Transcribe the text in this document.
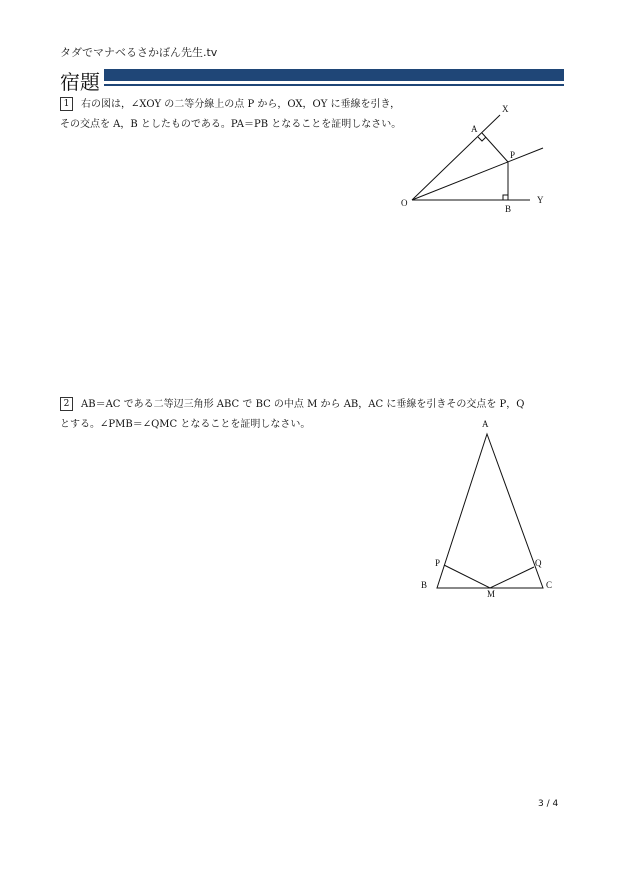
タダでマナベるさかぼん先生.tv
宿題
1 右の図は，∠XOY の二等分線上の点 P から，OX，OY に垂線を引き，
その交点を A，B としたものである。PA＝PB となることを証明しなさい。
2 AB＝AC である二等辺三角形 ABC で BC の中点 M から AB，AC に垂線を引きその交点を P，Q
とする。∠PMB＝∠QMC となることを証明しなさい。
X
A
P
O
B
Y
A
P	Q
B
M
C
3 / 4
